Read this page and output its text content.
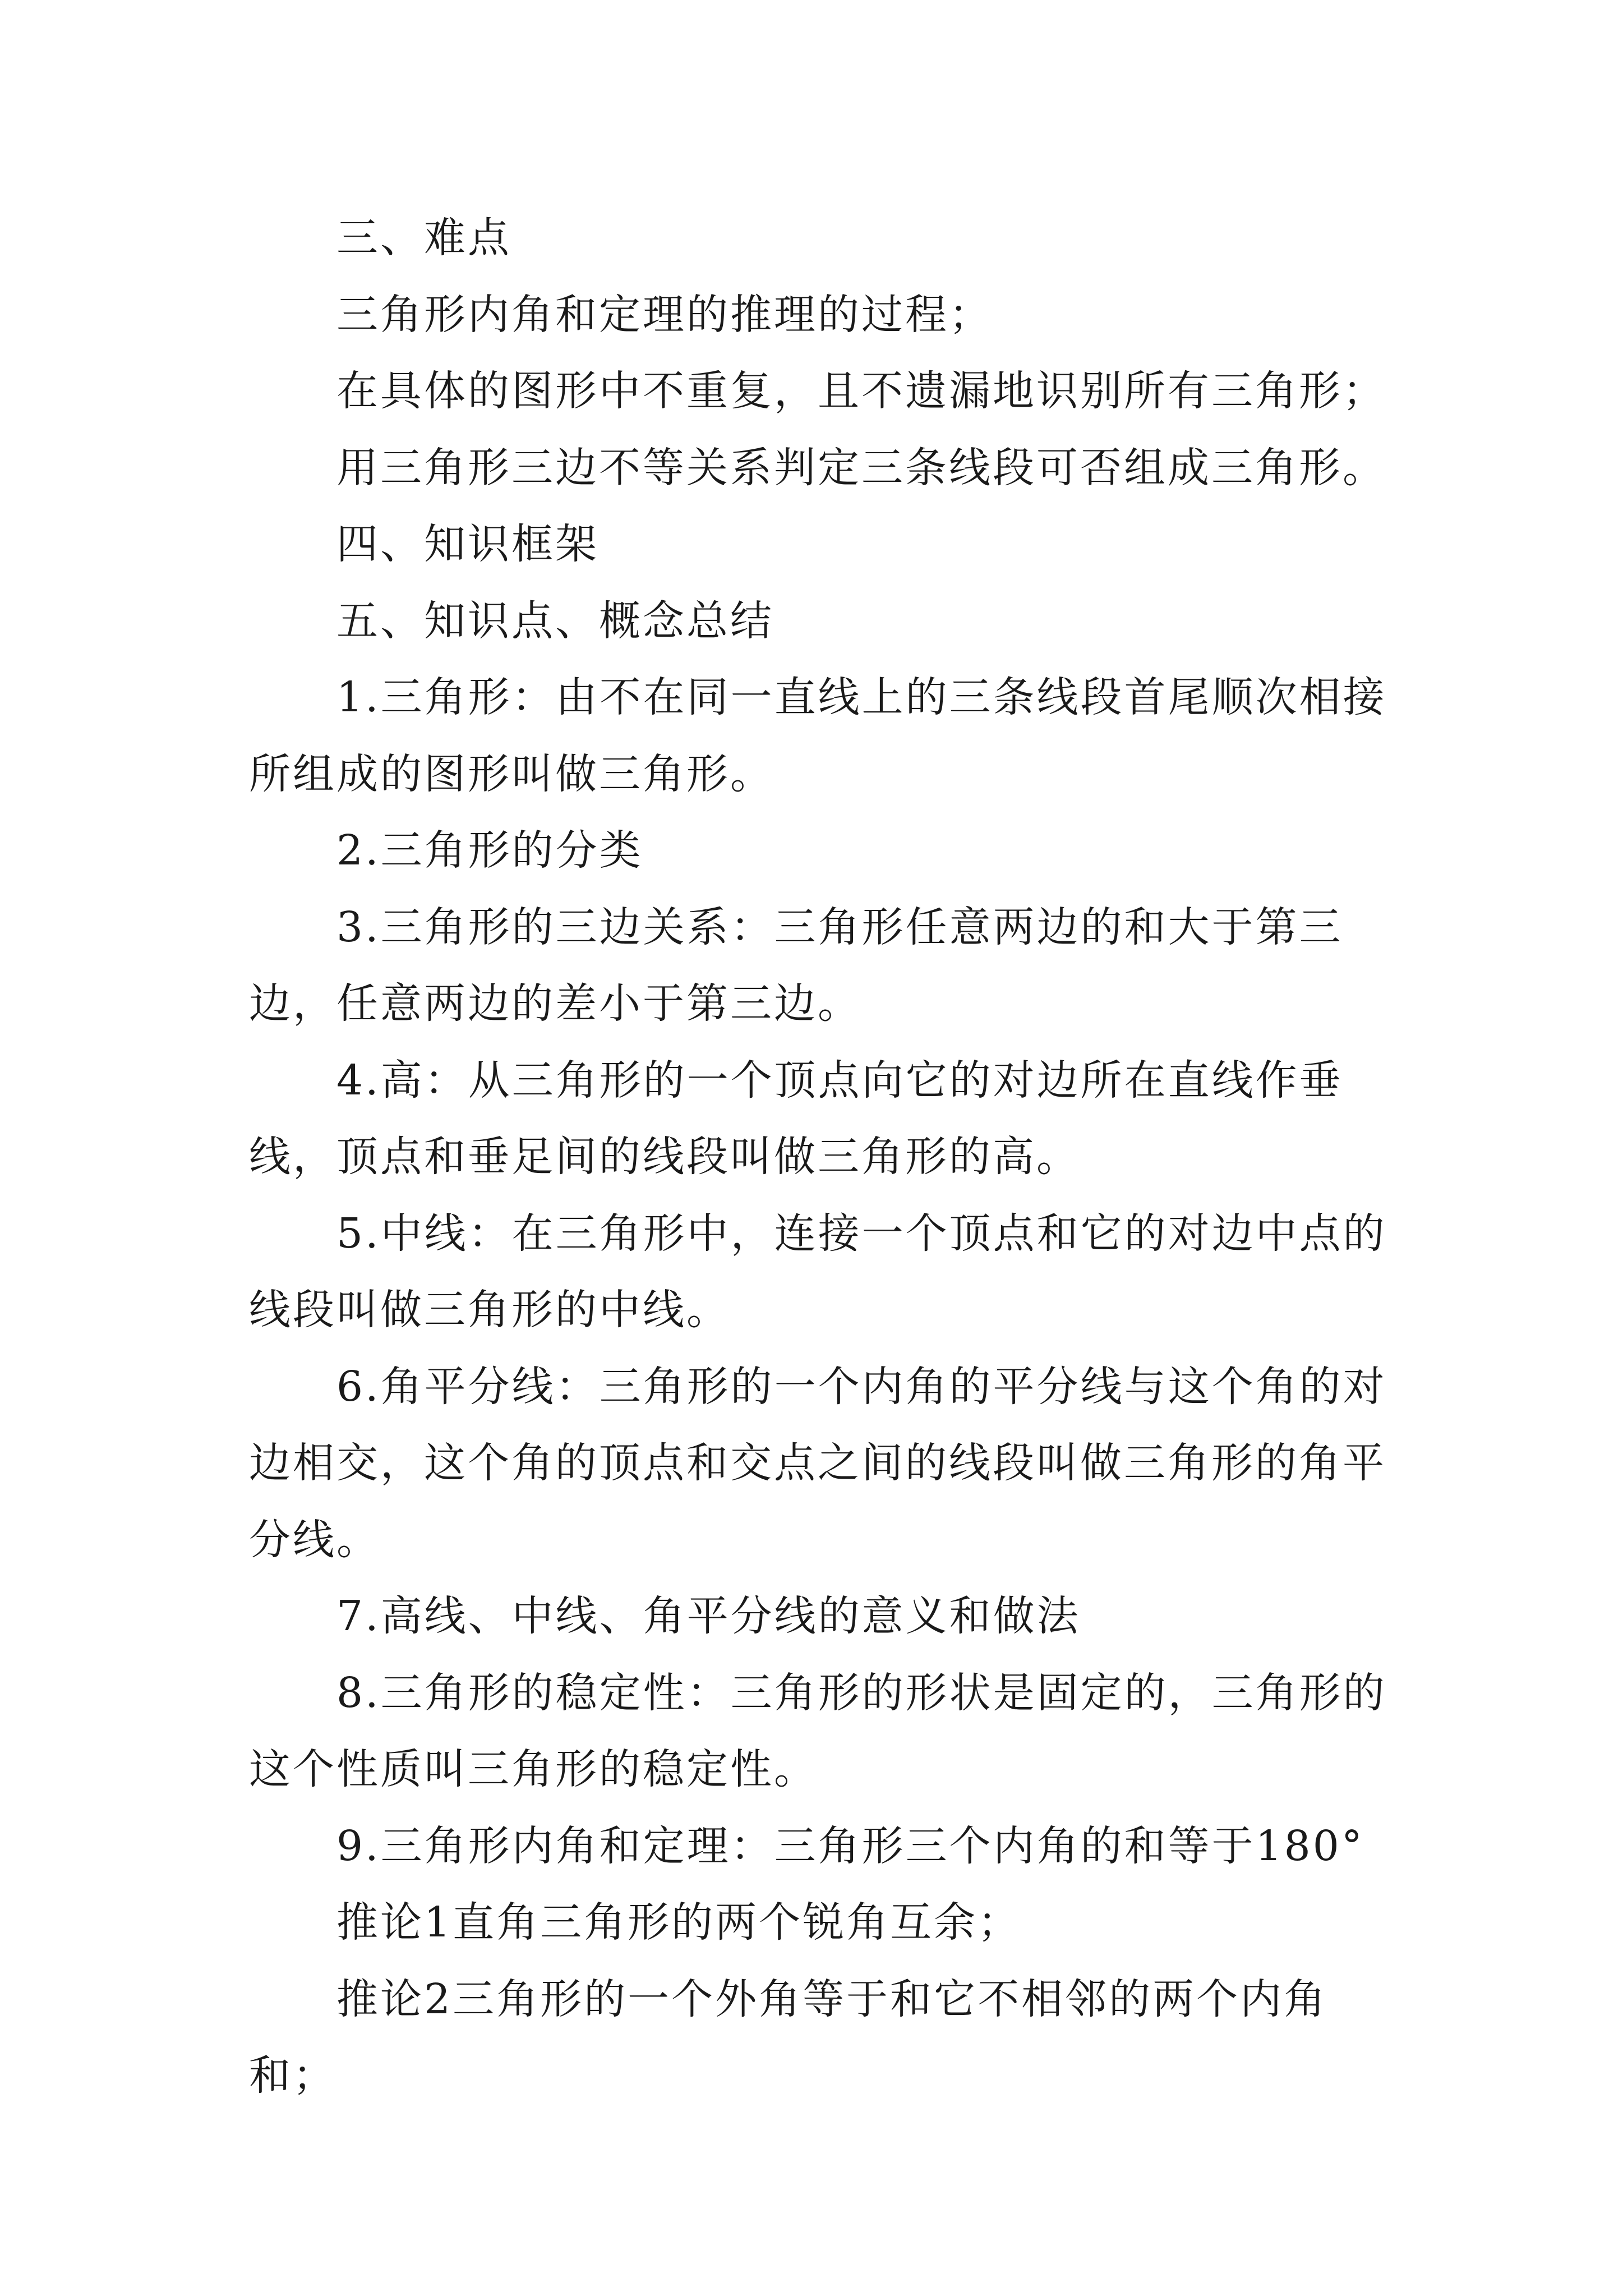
三、难点

三角形内角和定理的推理的过程；

在具体的图形中不重复，且不遗漏地识别所有三角形；

用三角形三边不等关系判定三条线段可否组成三角形。

四、知识框架

五、知识点、概念总结

1.三角形：由不在同一直线上的三条线段首尾顺次相接所组成的图形叫做三角形。

2.三角形的分类

3.三角形的三边关系：三角形任意两边的和大于第三边，任意两边的差小于第三边。

4.高：从三角形的一个顶点向它的对边所在直线作垂线，顶点和垂足间的线段叫做三角形的高。

5.中线：在三角形中，连接一个顶点和它的对边中点的线段叫做三角形的中线。

6.角平分线：三角形的一个内角的平分线与这个角的对边相交，这个角的顶点和交点之间的线段叫做三角形的角平分线。

7.高线、中线、角平分线的意义和做法

8.三角形的稳定性：三角形的形状是固定的，三角形的这个性质叫三角形的稳定性。

9.三角形内角和定理：三角形三个内角的和等于180°

推论1直角三角形的两个锐角互余；

推论2三角形的一个外角等于和它不相邻的两个内角和；
